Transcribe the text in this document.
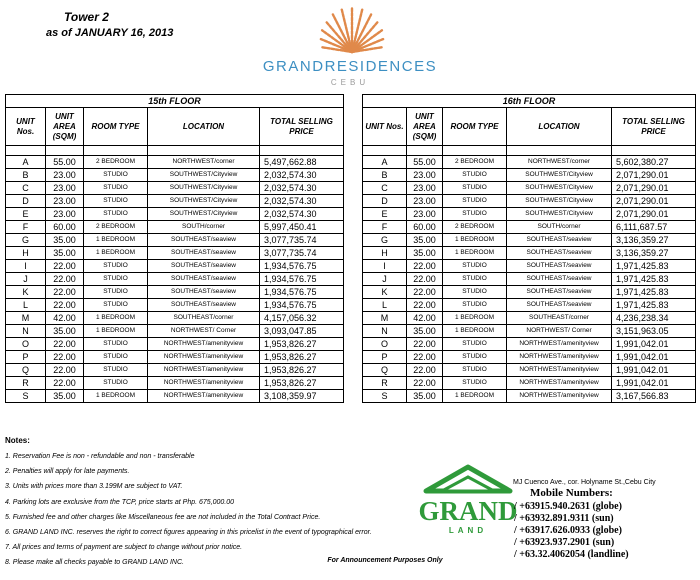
Tower 2
as of JANUARY 16, 2013
GRANDRESIDENCES
CEBU
15th FLOOR				
UNIT Nos.	UNIT AREA (SQM)	ROOM TYPE	LOCATION	TOTAL SELLING PRICE

A	55.00	2 BEDROOM	NORTHWEST/corner	5,497,662.88
B	23.00	STUDIO	SOUTHWEST/Cityview	2,032,574.30
C	23.00	STUDIO	SOUTHWEST/Cityview	2,032,574.30
D	23.00	STUDIO	SOUTHWEST/Cityview	2,032,574.30
E	23.00	STUDIO	SOUTHWEST/Cityview	2,032,574.30
F	60.00	2 BEDROOM	SOUTH/corner	5,997,450.41
G	35.00	1 BEDROOM	SOUTHEAST/seaview	3,077,735.74
H	35.00	1 BEDROOM	SOUTHEAST/seaview	3,077,735.74
I	22.00	STUDIO	SOUTHEAST/seaview	1,934,576.75
J	22.00	STUDIO	SOUTHEAST/seaview	1,934,576.75
K	22.00	STUDIO	SOUTHEAST/seaview	1,934,576.75
L	22.00	STUDIO	SOUTHEAST/seaview	1,934,576.75
M	42.00	1 BEDROOM	SOUTHEAST/corner	4,157,056.32
N	35.00	1 BEDROOM	NORTHWEST/ Corner	3,093,047.85
O	22.00	STUDIO	NORTHWEST/amenityview	1,953,826.27
P	22.00	STUDIO	NORTHWEST/amenityview	1,953,826.27
Q	22.00	STUDIO	NORTHWEST/amenityview	1,953,826.27
R	22.00	STUDIO	NORTHWEST/amenityview	1,953,826.27
S	35.00	1 BEDROOM	NORTHWEST/amenityview	3,108,359.97
16th FLOOR				
UNIT Nos.	UNIT AREA (SQM)	ROOM TYPE	LOCATION	TOTAL SELLING PRICE

A	55.00	2 BEDROOM	NORTHWEST/corner	5,602,380.27
B	23.00	STUDIO	SOUTHWEST/Cityview	2,071,290.01
C	23.00	STUDIO	SOUTHWEST/Cityview	2,071,290.01
D	23.00	STUDIO	SOUTHWEST/Cityview	2,071,290.01
E	23.00	STUDIO	SOUTHWEST/Cityview	2,071,290.01
F	60.00	2 BEDROOM	SOUTH/corner	6,111,687.57
G	35.00	1 BEDROOM	SOUTHEAST/seaview	3,136,359.27
H	35.00	1 BEDROOM	SOUTHEAST/seaview	3,136,359.27
I	22.00	STUDIO	SOUTHEAST/seaview	1,971,425.83
J	22.00	STUDIO	SOUTHEAST/seaview	1,971,425.83
K	22.00	STUDIO	SOUTHEAST/seaview	1,971,425.83
L	22.00	STUDIO	SOUTHEAST/seaview	1,971,425.83
M	42.00	1 BEDROOM	SOUTHEAST/corner	4,236,238.34
N	35.00	1 BEDROOM	NORTHWEST/ Corner	3,151,963.05
O	22.00	STUDIO	NORTHWEST/amenityview	1,991,042.01
P	22.00	STUDIO	NORTHWEST/amenityview	1,991,042.01
Q	22.00	STUDIO	NORTHWEST/amenityview	1,991,042.01
R	22.00	STUDIO	NORTHWEST/amenityview	1,991,042.01
S	35.00	1 BEDROOM	NORTHWEST/amenityview	3,167,566.83
Notes:
1. Reservation Fee is non - refundable and non - transferable
2. Penalties will apply for late payments.
3. Units with prices more than 3.199M are subject to VAT.
4. Parking lots are exclusive from the TCP, price starts at Php. 675,000.00
5. Furnished fee and other charges like Miscellaneous fee are not included in the Total Contract Price.
6. GRAND LAND INC. reserves the right to correct figures appearing in this pricelist in the event of typographical error.
7. All prices and terms of payment are subject to change without prior notice.
8. Please make all checks payable to GRAND LAND INC.
GRAND
LAND
MJ Cuenco Ave., cor. Holyname St.,Cebu City
Mobile Numbers:
/ +63915.940.2631 (globe)
/ +63932.891.9311 (sun)
/ +63917.626.0933 (globe)
/ +63923.937.2901 (sun)
/ +63.32.4062054 (landline)
For Announcement Purposes Only
